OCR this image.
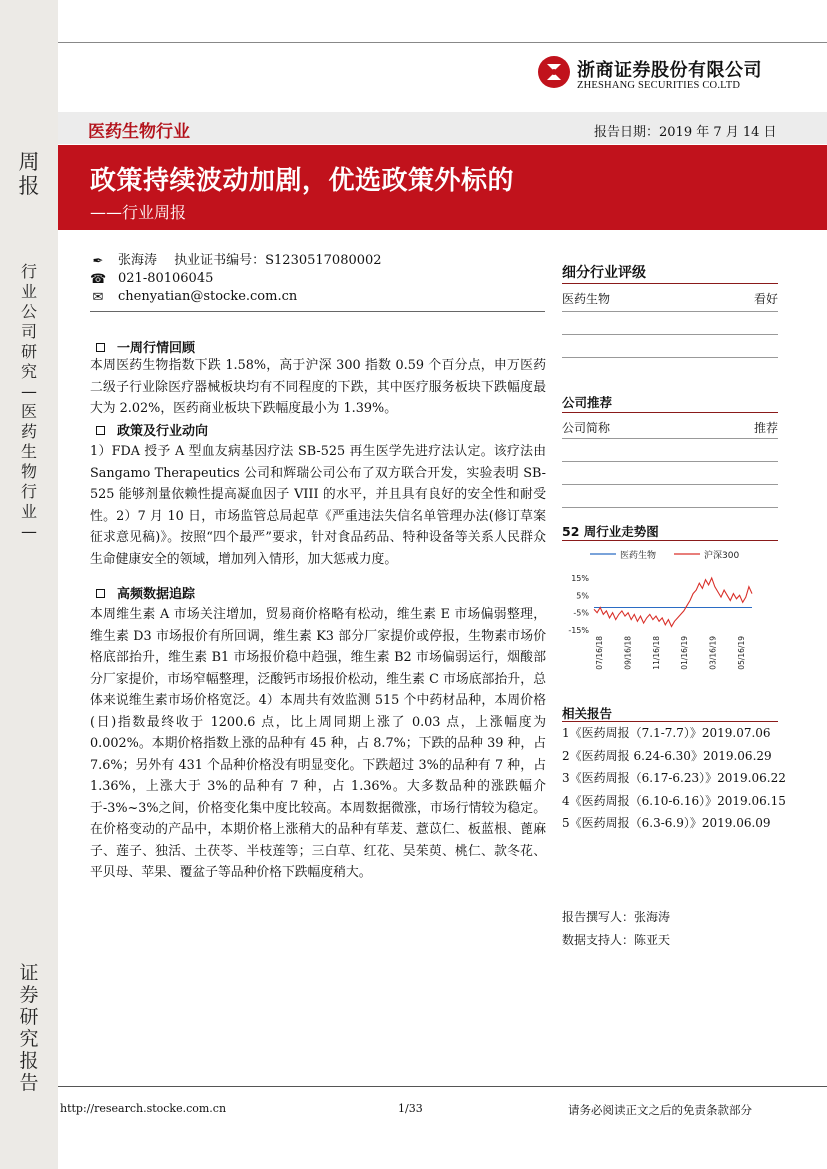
周
报
行
业
公
司
研
究
—
医
药
生
物
行
业
—
证
券
研
究
报
告
浙商证券股份有限公司
ZHESHANG SECURITIES CO.LTD
医药生物行业	报告日期：2019 年 7 月 14 日
政策持续波动加剧，优选政策外标的
——行业周报
✒ 张海涛　 执业证书编号：S1230517080002
☎ 021-80106045
✉ chenyatian@stocke.com.cn
一周行情回顾
本周医药生物指数下跌 1.58%，高于沪深 300 指数 0.59 个百分点，申万医药二级子行业除医疗器械板块均有不同程度的下跌，其中医疗服务板块下跌幅度最大为 2.02%，医药商业板块下跌幅度最小为 1.39%。
政策及行业动向
1）FDA 授予 A 型血友病基因疗法 SB-525 再生医学先进疗法认定。该疗法由 Sangamo Therapeutics 公司和辉瑞公司公布了双方联合开发，实验表明 SB-525 能够剂量依赖性提高凝血因子 VIII 的水平，并且具有良好的安全性和耐受性。2）7 月 10 日，市场监管总局起草《严重违法失信名单管理办法(修订草案征求意见稿)》。按照“四个最严”要求，针对食品药品、特种设备等关系人民群众生命健康安全的领域，增加列入情形，加大惩戒力度。
高频数据追踪
本周维生素 A 市场关注增加，贸易商价格略有松动，维生素 E 市场偏弱整理，维生素 D3 市场报价有所回调，维生素 K3 部分厂家提价或停报，生物素市场价格底部抬升，维生素 B1 市场报价稳中趋强，维生素 B2 市场偏弱运行，烟酸部分厂家提价，市场窄幅整理，泛酸钙市场报价松动，维生素 C 市场底部抬升，总体来说维生素市场价格宽泛。4）本周共有效监测 515 个中药材品种，本周价格(日)指数最终收于 1200.6 点，比上周同期上涨了 0.03 点，上涨幅度为 0.002%。本期价格指数上涨的品种有 45 种，占 8.7%；下跌的品种 39 种，占 7.6%；另外有 431 个品种价格没有明显变化。下跌超过 3%的品种有 7 种，占 1.36%，上涨大于 3%的品种有 7 种，占 1.36%。大多数品种的涨跌幅介于-3%~3%之间，价格变化集中度比较高。本周数据微涨，市场行情较为稳定。在价格变动的产品中，本期价格上涨稍大的品种有荜茇、薏苡仁、板蓝根、蓖麻子、莲子、独活、土茯苓、半枝莲等；三白草、红花、吴茱萸、桃仁、款冬花、平贝母、苹果、覆盆子等品种价格下跌幅度稍大。
细分行业评级
医药生物	看好
公司推荐
公司简称	推荐
52 周行业走势图
医药生物	沪深300
15%
5%
-5%
-15%
07/16/18	09/16/18	11/16/18	01/16/19	03/16/19	05/16/19
相关报告
1《医药周报（7.1-7.7）》2019.07.06
2《医药周报 6.24-6.30》2019.06.29
3《医药周报（6.17-6.23）》2019.06.22
4《医药周报（6.10-6.16）》2019.06.15
5《医药周报（6.3-6.9）》2019.06.09
报告撰写人：张海涛
数据支持人：陈亚天
http://research.stocke.com.cn	1/33	请务必阅读正文之后的免责条款部分
